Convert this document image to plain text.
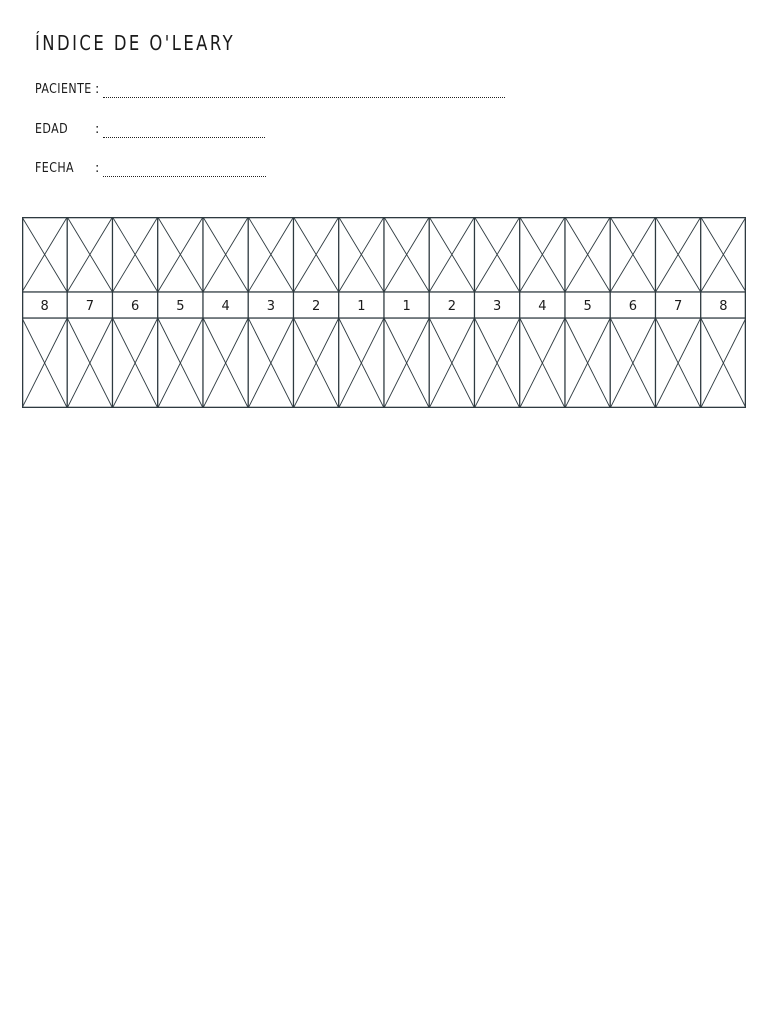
ÍNDICE DE O'LEARY
PACIENTE :
EDAD	:
FECHA	:
8	7	6	5	4	3	2	1	1	2	3	4	5	6	7	8
